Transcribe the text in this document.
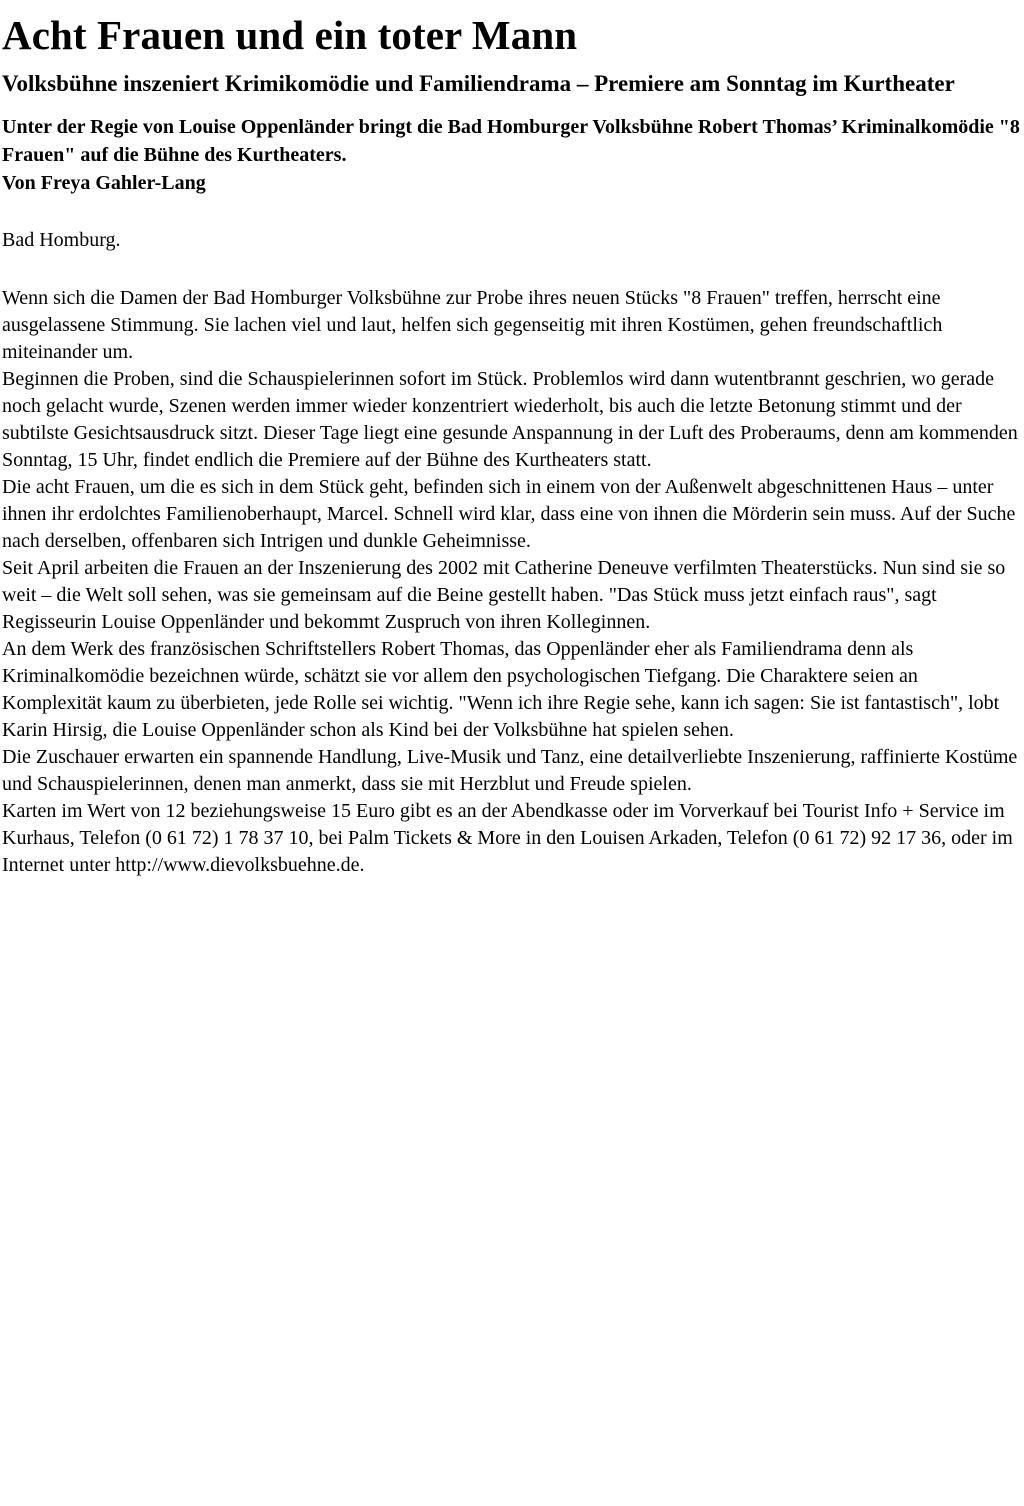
Acht Frauen und ein toter Mann
Volksbühne inszeniert Krimikomödie und Familiendrama – Premiere am Sonntag im Kurtheater
Unter der Regie von Louise Oppenländer bringt die Bad Homburger Volksbühne Robert Thomas’ Kriminalkomödie "8 Frauen" auf die Bühne des Kurtheaters.
Von Freya Gahler-Lang

Bad Homburg.

Wenn sich die Damen der Bad Homburger Volksbühne zur Probe ihres neuen Stücks "8 Frauen" treffen, herrscht eine ausgelassene Stimmung. Sie lachen viel und laut, helfen sich gegenseitig mit ihren Kostümen, gehen freundschaftlich miteinander um.

Beginnen die Proben, sind die Schauspielerinnen sofort im Stück. Problemlos wird dann wutentbrannt geschrien, wo gerade noch gelacht wurde, Szenen werden immer wieder konzentriert wiederholt, bis auch die letzte Betonung stimmt und der subtilste Gesichtsausdruck sitzt. Dieser Tage liegt eine gesunde Anspannung in der Luft des Proberaums, denn am kommenden Sonntag, 15 Uhr, findet endlich die Premiere auf der Bühne des Kurtheaters statt.

Die acht Frauen, um die es sich in dem Stück geht, befinden sich in einem von der Außenwelt abgeschnittenen Haus – unter ihnen ihr erdolchtes Familienoberhaupt, Marcel. Schnell wird klar, dass eine von ihnen die Mörderin sein muss. Auf der Suche nach derselben, offenbaren sich Intrigen und dunkle Geheimnisse.

Seit April arbeiten die Frauen an der Inszenierung des 2002 mit Catherine Deneuve verfilmten Theaterstücks. Nun sind sie so weit – die Welt soll sehen, was sie gemeinsam auf die Beine gestellt haben. "Das Stück muss jetzt einfach raus", sagt Regisseurin Louise Oppenländer und bekommt Zuspruch von ihren Kolleginnen.

An dem Werk des französischen Schriftstellers Robert Thomas, das Oppenländer eher als Familiendrama denn als Kriminalkomödie bezeichnen würde, schätzt sie vor allem den psychologischen Tiefgang. Die Charaktere seien an Komplexität kaum zu überbieten, jede Rolle sei wichtig. "Wenn ich ihre Regie sehe, kann ich sagen: Sie ist fantastisch", lobt Karin Hirsig, die Louise Oppenländer schon als Kind bei der Volksbühne hat spielen sehen.

Die Zuschauer erwarten ein spannende Handlung, Live-Musik und Tanz, eine detailverliebte Inszenierung, raffinierte Kostüme und Schauspielerinnen, denen man anmerkt, dass sie mit Herzblut und Freude spielen.

Karten im Wert von 12 beziehungsweise 15 Euro gibt es an der Abendkasse oder im Vorverkauf bei Tourist Info + Service im Kurhaus, Telefon (0 61 72) 1 78 37 10, bei Palm Tickets & More in den Louisen Arkaden, Telefon (0 61 72) 92 17 36, oder im Internet unter http://www.dievolksbuehne.de.
